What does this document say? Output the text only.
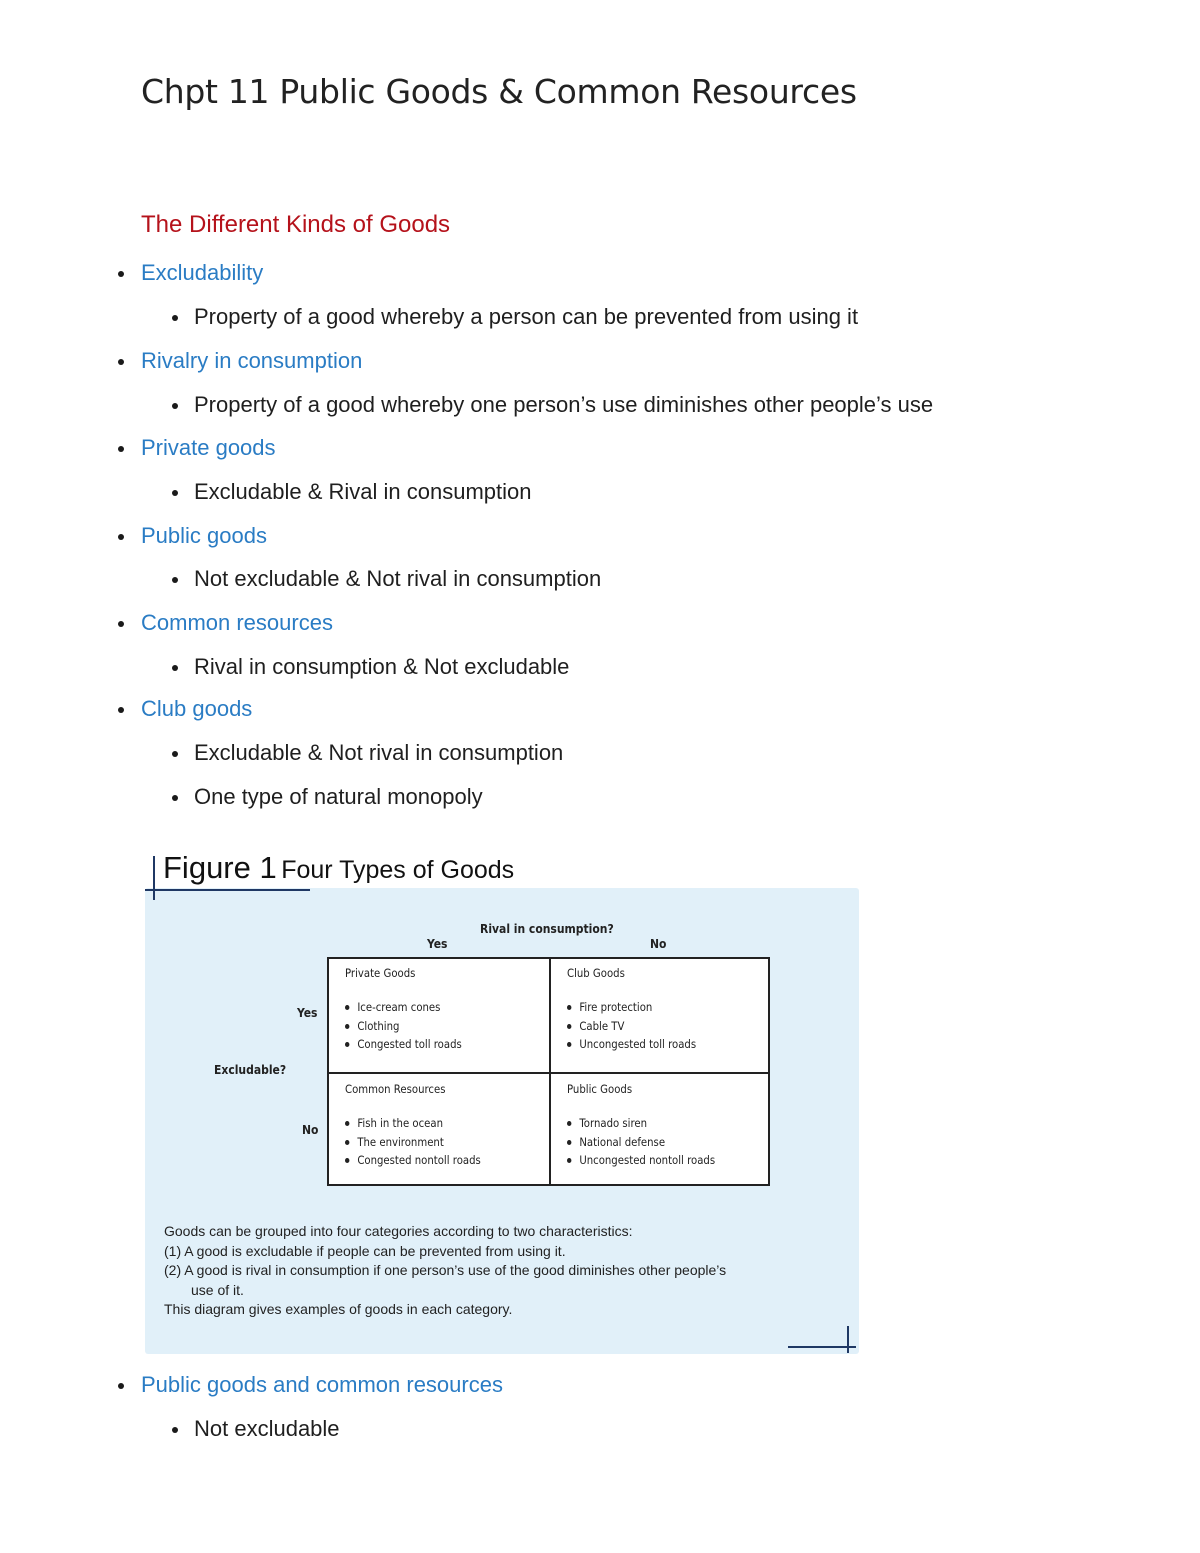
Chpt 11 Public Goods & Common Resources
The Different Kinds of Goods
Excludability
Property of a good whereby a person can be prevented from using it
Rivalry in consumption
Property of a good whereby one person’s use diminishes other people’s use
Private goods
Excludable & Rival in consumption
Public goods
Not excludable & Not rival in consumption
Common resources
Rival in consumption & Not excludable
Club goods
Excludable & Not rival in consumption
One type of natural monopoly
Public goods and common resources
Not excludable
Rival in consumption?
Yes	No
Excludable?
Yes
No
Private Goods
Ice-cream cones
Clothing
Congested toll roads
Club Goods
Fire protection
Cable TV
Uncongested toll roads
Common Resources
Fish in the ocean
The environment
Congested nontoll roads
Public Goods
Tornado siren
National defense
Uncongested nontoll roads

Goods can be grouped into four categories according to two characteristics:

(1) A good is excludable if people can be prevented from using it.

(2) A good is rival in consumption if one person’s use of the good diminishes other people’s

use of it.

This diagram gives examples of goods in each category.

Figure 1 Four Types of Goods
